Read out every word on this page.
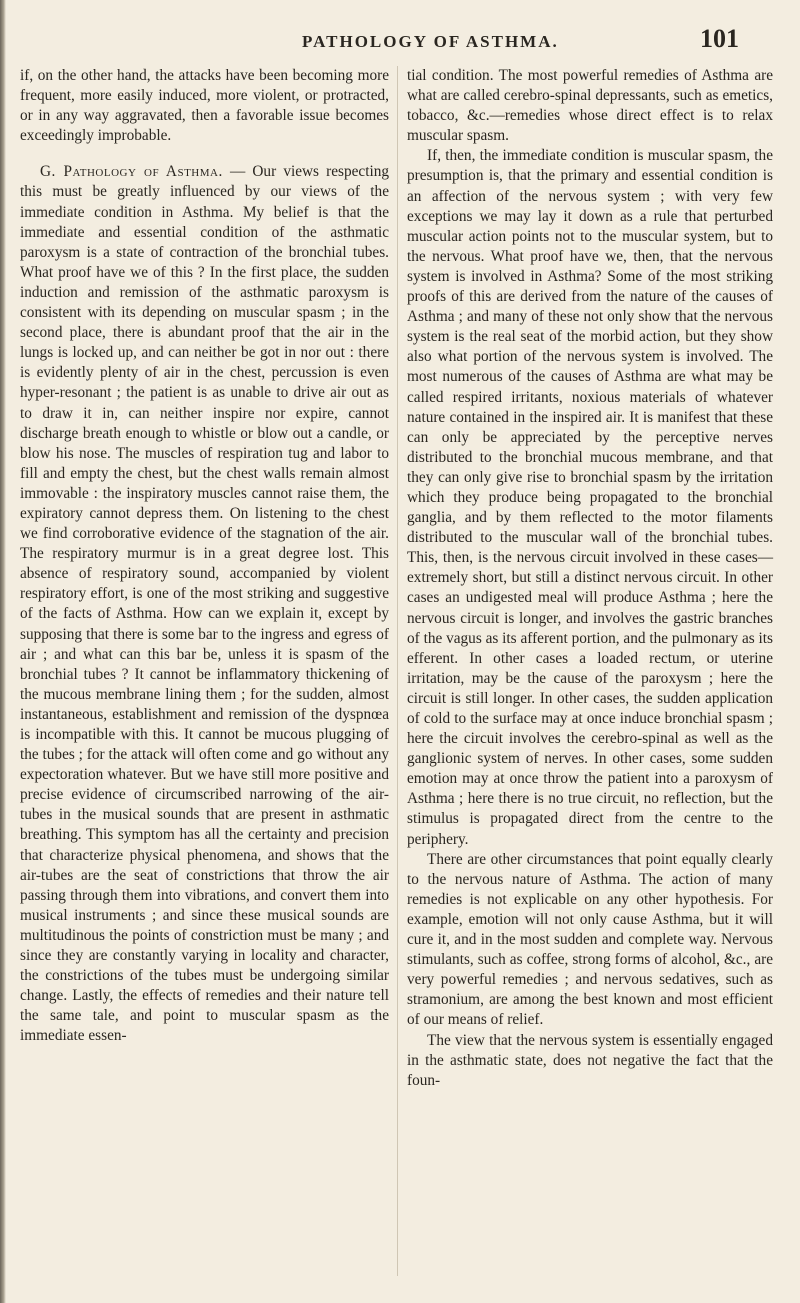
PATHOLOGY OF ASTHMA.	101

if, on the other hand, the attacks have been becoming more frequent, more easily induced, more violent, or protracted, or in any way aggravated, then a favorable issue becomes exceedingly improbable.

G. Pathology of Asthma. — Our views respecting this must be greatly influenced by our views of the immediate condition in Asthma. My belief is that the immediate and essential condition of the asthmatic paroxysm is a state of contraction of the bronchial tubes. What proof have we of this ? In the first place, the sudden induction and remission of the asthmatic paroxysm is consistent with its depending on muscular spasm ; in the second place, there is abundant proof that the air in the lungs is locked up, and can neither be got in nor out : there is evidently plenty of air in the chest, percussion is even hyper-resonant ; the patient is as unable to drive air out as to draw it in, can neither inspire nor expire, cannot discharge breath enough to whistle or blow out a candle, or blow his nose. The muscles of respiration tug and labor to fill and empty the chest, but the chest walls remain almost immovable : the inspiratory muscles cannot raise them, the expiratory cannot depress them. On listening to the chest we find corroborative evidence of the stagnation of the air. The respiratory murmur is in a great degree lost. This absence of respiratory sound, accompanied by violent respiratory effort, is one of the most striking and suggestive of the facts of Asthma. How can we explain it, except by supposing that there is some bar to the ingress and egress of air ; and what can this bar be, unless it is spasm of the bronchial tubes ? It cannot be inflammatory thickening of the mucous membrane lining them ; for the sudden, almost instantaneous, establishment and remission of the dyspnœa is incompatible with this. It cannot be mucous plugging of the tubes ; for the attack will often come and go without any expectoration whatever. But we have still more positive and precise evidence of circumscribed narrowing of the air-tubes in the musical sounds that are present in asthmatic breathing. This symptom has all the certainty and precision that characterize physical phenomena, and shows that the air-tubes are the seat of constrictions that throw the air passing through them into vibrations, and convert them into musical instruments ; and since these musical sounds are multitudinous the points of constriction must be many ; and since they are constantly varying in locality and character, the constrictions of the tubes must be undergoing similar change. Lastly, the effects of remedies and their nature tell the same tale, and point to muscular spasm as the immediate essen-

tial condition. The most powerful remedies of Asthma are what are called cerebro-spinal depressants, such as emetics, tobacco, &c.—remedies whose direct effect is to relax muscular spasm.

If, then, the immediate condition is muscular spasm, the presumption is, that the primary and essential condition is an affection of the nervous system ; with very few exceptions we may lay it down as a rule that perturbed muscular action points not to the muscular system, but to the nervous. What proof have we, then, that the nervous system is involved in Asthma? Some of the most striking proofs of this are derived from the nature of the causes of Asthma ; and many of these not only show that the nervous system is the real seat of the morbid action, but they show also what portion of the nervous system is involved. The most numerous of the causes of Asthma are what may be called respired irritants, noxious materials of whatever nature contained in the inspired air. It is manifest that these can only be appreciated by the perceptive nerves distributed to the bronchial mucous membrane, and that they can only give rise to bronchial spasm by the irritation which they produce being propagated to the bronchial ganglia, and by them reflected to the motor filaments distributed to the muscular wall of the bronchial tubes. This, then, is the nervous circuit involved in these cases—extremely short, but still a distinct nervous circuit. In other cases an undigested meal will produce Asthma ; here the nervous circuit is longer, and involves the gastric branches of the vagus as its afferent portion, and the pulmonary as its efferent. In other cases a loaded rectum, or uterine irritation, may be the cause of the paroxysm ; here the circuit is still longer. In other cases, the sudden application of cold to the surface may at once induce bronchial spasm ; here the circuit involves the cerebro-spinal as well as the ganglionic system of nerves. In other cases, some sudden emotion may at once throw the patient into a paroxysm of Asthma ; here there is no true circuit, no reflection, but the stimulus is propagated direct from the centre to the periphery.

There are other circumstances that point equally clearly to the nervous nature of Asthma. The action of many remedies is not explicable on any other hypothesis. For example, emotion will not only cause Asthma, but it will cure it, and in the most sudden and complete way. Nervous stimulants, such as coffee, strong forms of alcohol, &c., are very powerful remedies ; and nervous sedatives, such as stramonium, are among the best known and most efficient of our means of relief.

The view that the nervous system is essentially engaged in the asthmatic state, does not negative the fact that the foun-
